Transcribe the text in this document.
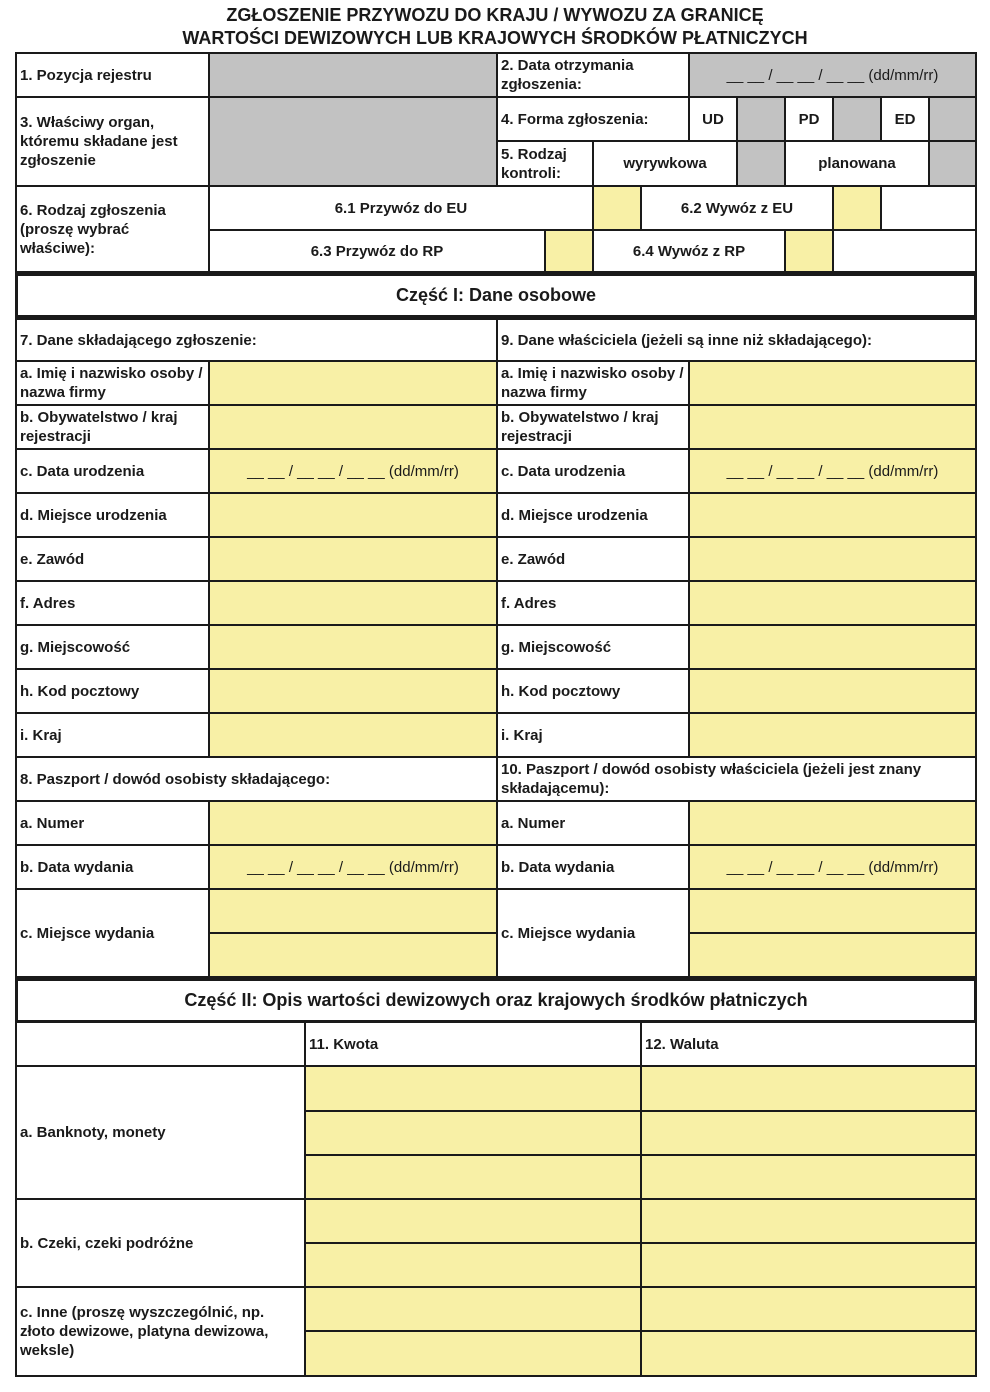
ZGŁOSZENIE PRZYWOZU DO KRAJU / WYWOZU ZA GRANICĘ
WARTOŚCI DEWIZOWYCH LUB KRAJOWYCH ŚRODKÓW PŁATNICZYCH
1. Pozycja rejestru
2. Data otrzymania zgłoszenia:
__ __ / __ __ / __ __ (dd/mm/rr)
3. Właściwy organ, któremu składane jest zgłoszenie
4. Forma zgłoszenia:	UD	PD	ED
5. Rodzaj kontroli:
wyrywkowa	planowana
6. Rodzaj zgłoszenia (proszę wybrać właściwe):
6.1 Przywóz do EU	6.2 Wywóz z EU
6.3 Przywóz do RP	6.4 Wywóz z RP
Część I: Dane osobowe
7. Dane składającego zgłoszenie:	9. Dane właściciela (jeżeli są inne niż składającego):
a. Imię i nazwisko osoby / nazwa firmy
b. Obywatelstwo / kraj rejestracji
c. Data urodzenia	__ __ / __ __ / __ __ (dd/mm/rr)
d. Miejsce urodzenia
e. Zawód
f. Adres
g. Miejscowość
h. Kod pocztowy
i. Kraj
a. Imię i nazwisko osoby / nazwa firmy
b. Obywatelstwo / kraj rejestracji
c. Data urodzenia	__ __ / __ __ / __ __ (dd/mm/rr)
d. Miejsce urodzenia
e. Zawód
f. Adres
g. Miejscowość
h. Kod pocztowy
i. Kraj
8. Paszport / dowód osobisty składającego:
10. Paszport / dowód osobisty właściciela (jeżeli jest znany składającemu):
a. Numer
b. Data wydania	__ __ / __ __ / __ __ (dd/mm/rr)
c. Miejsce wydania
a. Numer
b. Data wydania	__ __ / __ __ / __ __ (dd/mm/rr)
c. Miejsce wydania
Część II: Opis wartości dewizowych oraz krajowych środków płatniczych
11. Kwota	12. Waluta
a. Banknoty, monety
b. Czeki, czeki podróżne
c. Inne (proszę wyszczególnić, np. złoto dewizowe, platyna dewizowa, weksle)
